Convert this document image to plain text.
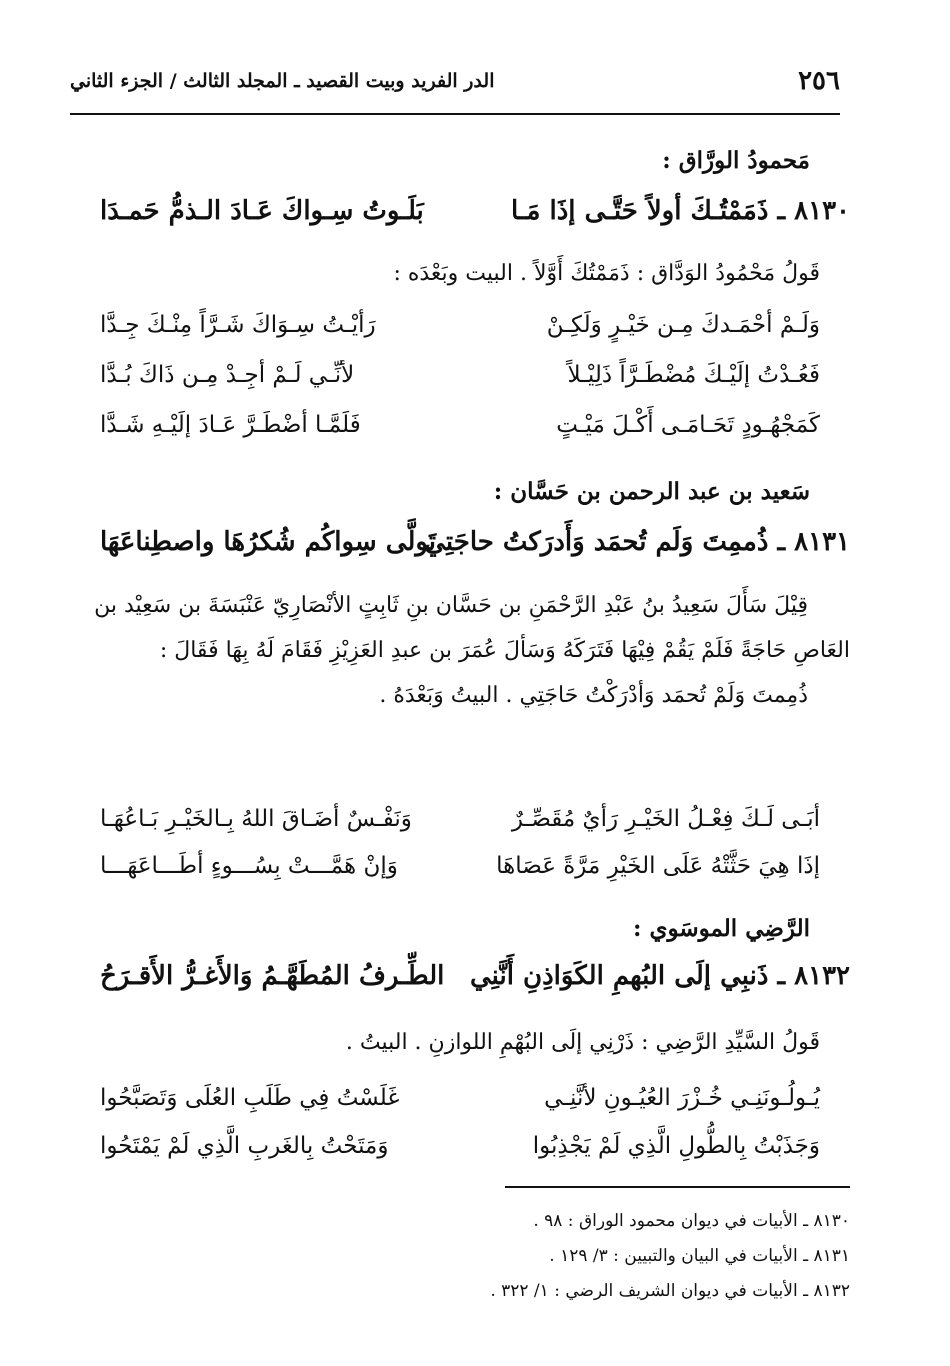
٢٥٦
الدر الفريد وبيت القصيد ـ المجلد الثالث / الجزء الثاني
مَحمودُ الورَّاق :
٨١٣٠ ـ ذَمَمْتُـكَ أولاً حَتَّـى إذَا مَـا
بَلَـوتُ سِـواكَ عَـادَ الـذمُّ حَمـدَا
قَولُ مَحْمُودُ الوَدَّاق : ذَمَمْتُكَ أَوَّلاً . البيت وبَعْدَه :
وَلَـمْ أحْمَـدكَ مِـن خَيْـرٍ وَلَكِـنْ
رَأيْـتُ سِـوَاكَ شَـرَّاً مِنْـكَ جِـدَّا
فَعُـدْتُ إلَيْـكَ مُضْطَـرَّاً ذَلِيْـلاً
لأنِّـي لَـمْ أجِـدْ مِـن ذَاكَ بُـدَّا
كَمَجْهُـودٍ تَحَـامَـى أَكْـلَ مَيْـتٍ
فَلَمَّـا أضْطَـرَّ عَـادَ إلَيْـهِ شَـدَّا
سَعيد بن عبد الرحمن بن حَسَّان :
٨١٣١ ـ ذُممِتَ وَلَم تُحمَد وَأَدرَكتُ حاجَتِي
تَولَّى سِواكُم شُكرُهَا واصطِناعَهَا
قِيْلَ سَأَلَ سَعِيدُ بنُ عَبْدِ الرَّحْمَنِ بن حَسَّان بنِ ثَابِتٍ الأنْصَارِيّ عَنْبَسَةَ بن سَعِيْد بن
العَاصِ حَاجَةً فَلَمْ يَقُمْ فِيْهَا فَتَرَكَهُ وَسَألَ عُمَرَ بن عبدِ العَزِيْزِ فَقَامَ لَهُ بِهَا فَقَالَ :
ذُمِمتَ وَلَمْ تُحمَد وَأدْرَكْتُ حَاجَتِي . البيتُ وَبَعْدَهُ .
أبَـى لَـكَ فِعْـلُ الخَيْـرِ رَأيٌ مُقَصِّـرٌ
وَنَفْـسٌ أضَـاقَ اللهُ بِـالخَيْـرِ بَـاعُهَـا
إذَا هِيَ حَثَّتْهُ عَلَى الخَيْرِ مَرَّةً عَصَاهَا
وَإنْ هَمَّـــتْ بِسُـــوءٍ أطَـــاعَهَـــا
الرَّضِي الموسَوي :
٨١٣٢ ـ ذَنبِي إلَى البُهمِ الكَوَاذِنِ أَنَّنِي
الطِّـرفُ المُطَهَّـمُ وَالأَغـرُّ الأَقـرَحُ
قَولُ السَّيِّدِ الرَّضِي : ذَرْنِي إلَى البُهْمِ اللوازنِ . البيتُ .
يُـولُـونَنِـي خُـزْرَ العُيُـونِ لأنَّنِـي
غَلَسْتُ فِي طَلَبِ العُلَى وَتَصَبَّحُوا
وَجَذَبْتُ بِالطُّولِ الَّذِي لَمْ يَجْذِبُوا
وَمَتَحْتُ بِالغَربِ الَّذِي لَمْ يَمْتَحُوا
٨١٣٠ ـ الأبيات في ديوان محمود الوراق : ٩٨ .
٨١٣١ ـ الأبيات في البيان والتبيين : ٣/ ١٢٩ .
٨١٣٢ ـ الأبيات في ديوان الشريف الرضي : ١/ ٣٢٢ .
